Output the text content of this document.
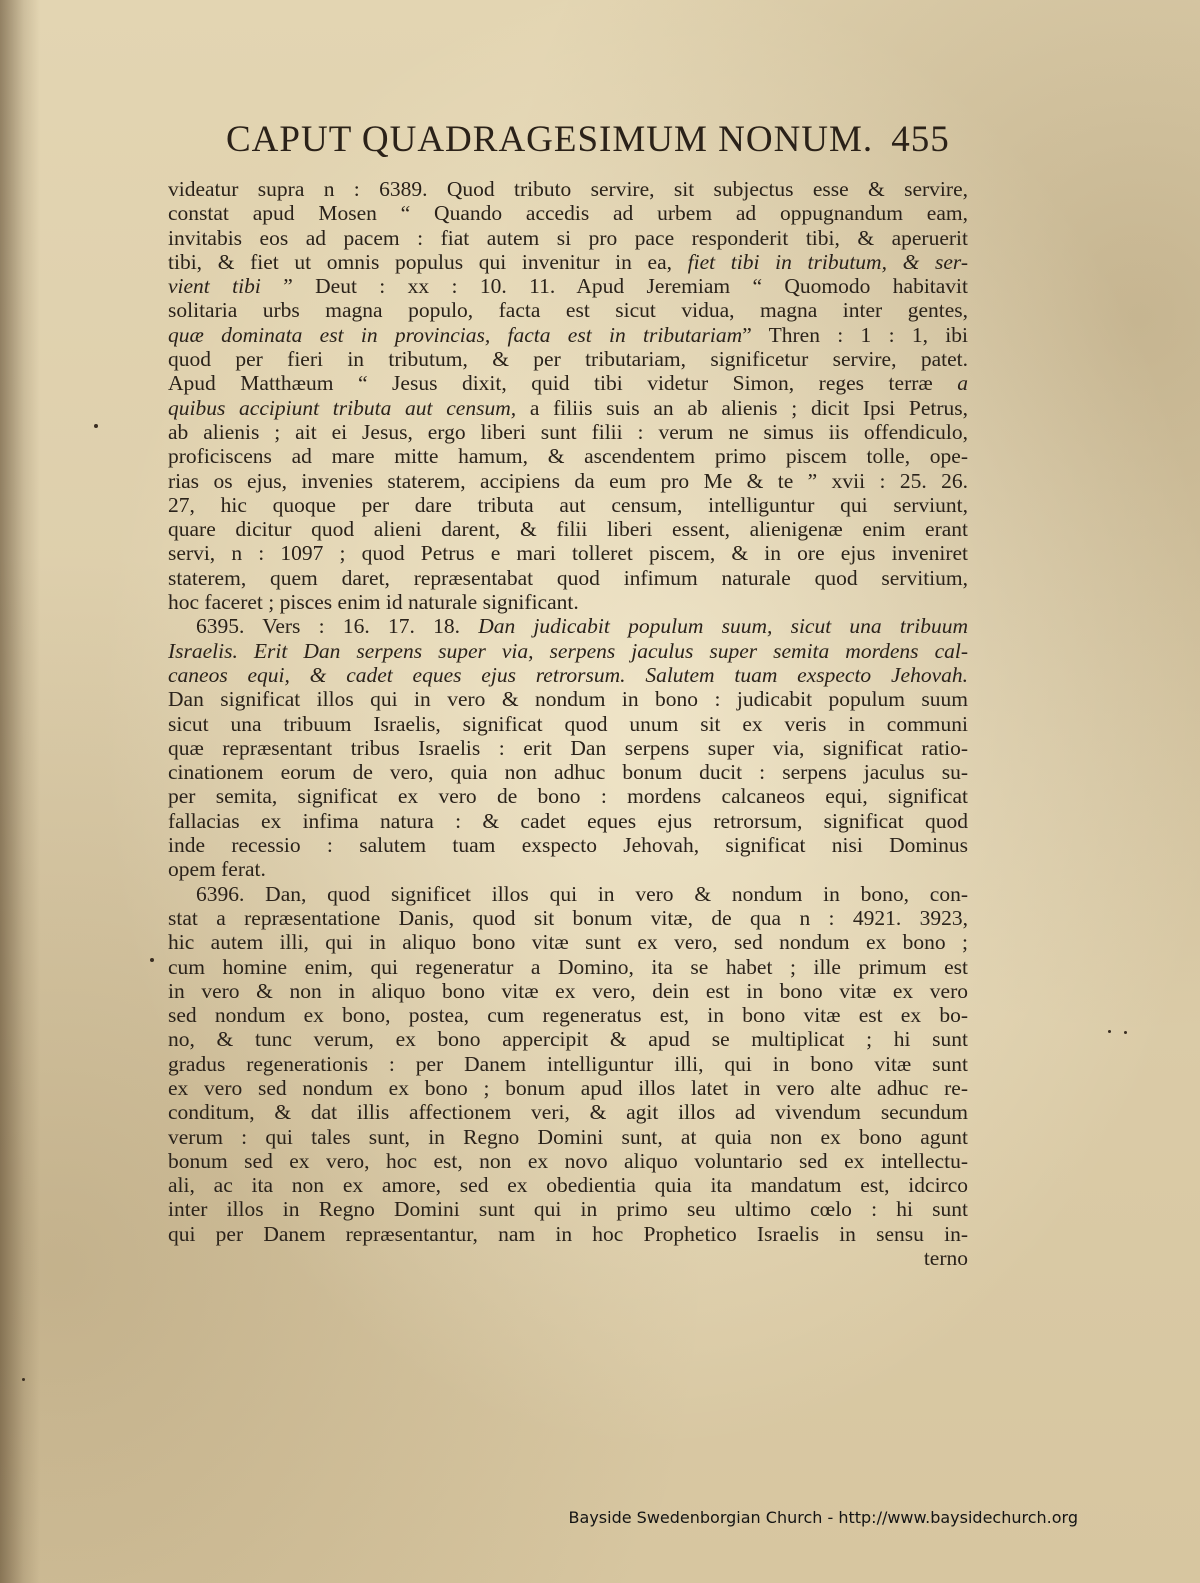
CAPUT QUADRAGESIMUM NONUM. 455
videatur supra n : 6389. Quod tributo servire, sit subjectus esse & servire,
constat apud Mosen “ Quando accedis ad urbem ad oppugnandum eam,
invitabis eos ad pacem : fiat autem si pro pace responderit tibi, & aperuerit
tibi, & fiet ut omnis populus qui invenitur in ea, fiet tibi in tributum, & ser-
vient tibi ” Deut : xx : 10. 11. Apud Jeremiam “ Quomodo habitavit
solitaria urbs magna populo, facta est sicut vidua, magna inter gentes,
quæ dominata est in provincias, facta est in tributariam” Thren : 1 : 1, ibi
quod per fieri in tributum, & per tributariam, significetur servire, patet.
Apud Matthæum “ Jesus dixit, quid tibi videtur Simon, reges terræ a
quibus accipiunt tributa aut censum, a filiis suis an ab alienis ; dicit Ipsi Petrus,
ab alienis ; ait ei Jesus, ergo liberi sunt filii : verum ne simus iis offendiculo,
proficiscens ad mare mitte hamum, & ascendentem primo piscem tolle, ope-
rias os ejus, invenies staterem, accipiens da eum pro Me & te ” xvii : 25. 26.
27, hic quoque per dare tributa aut censum, intelliguntur qui serviunt,
quare dicitur quod alieni darent, & filii liberi essent, alienigenæ enim erant
servi, n : 1097 ; quod Petrus e mari tolleret piscem, & in ore ejus inveniret
staterem, quem daret, repræsentabat quod infimum naturale quod servitium,
hoc faceret ; pisces enim id naturale significant.
6395. Vers : 16. 17. 18. Dan judicabit populum suum, sicut una tribuum
Israelis. Erit Dan serpens super via, serpens jaculus super semita mordens cal-
caneos equi, & cadet eques ejus retrorsum. Salutem tuam exspecto Jehovah.
Dan significat illos qui in vero & nondum in bono : judicabit populum suum
sicut una tribuum Israelis, significat quod unum sit ex veris in communi
quæ repræsentant tribus Israelis : erit Dan serpens super via, significat ratio-
cinationem eorum de vero, quia non adhuc bonum ducit : serpens jaculus su-
per semita, significat ex vero de bono : mordens calcaneos equi, significat
fallacias ex infima natura : & cadet eques ejus retrorsum, significat quod
inde recessio : salutem tuam exspecto Jehovah, significat nisi Dominus
opem ferat.
6396. Dan, quod significet illos qui in vero & nondum in bono, con-
stat a repræsentatione Danis, quod sit bonum vitæ, de qua n : 4921. 3923,
hic autem illi, qui in aliquo bono vitæ sunt ex vero, sed nondum ex bono ;
cum homine enim, qui regeneratur a Domino, ita se habet ; ille primum est
in vero & non in aliquo bono vitæ ex vero, dein est in bono vitæ ex vero
sed nondum ex bono, postea, cum regeneratus est, in bono vitæ est ex bo-
no, & tunc verum, ex bono appercipit & apud se multiplicat ; hi sunt
gradus regenerationis : per Danem intelliguntur illi, qui in bono vitæ sunt
ex vero sed nondum ex bono ; bonum apud illos latet in vero alte adhuc re-
conditum, & dat illis affectionem veri, & agit illos ad vivendum secundum
verum : qui tales sunt, in Regno Domini sunt, at quia non ex bono agunt
bonum sed ex vero, hoc est, non ex novo aliquo voluntario sed ex intellectu-
ali, ac ita non ex amore, sed ex obedientia quia ita mandatum est, idcirco
inter illos in Regno Domini sunt qui in primo seu ultimo cœlo : hi sunt
qui per Danem repræsentantur, nam in hoc Prophetico Israelis in sensu in-
terno
Bayside Swedenborgian Church - http://www.baysidechurch.org
